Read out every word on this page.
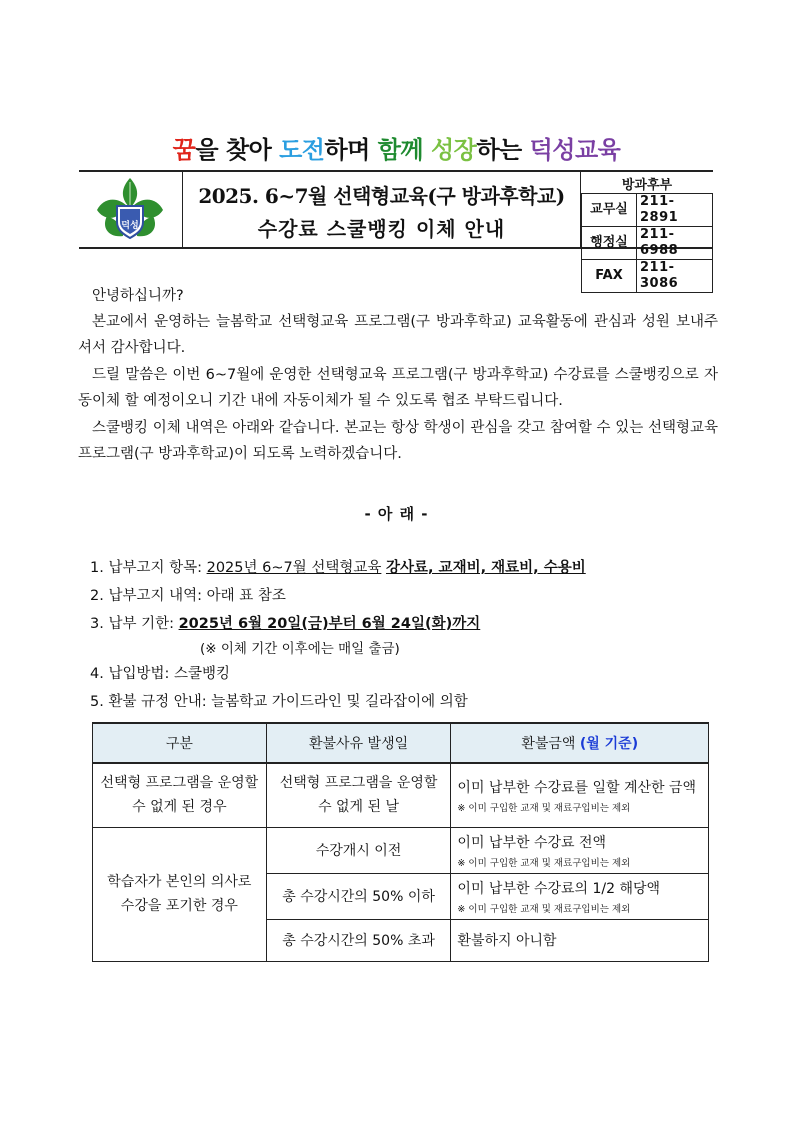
꿈을 찾아 도전하며 함께 성장하는 덕성교육
덕성
2025. 6~7월 선택형교육(구 방과후학교)
수강료 스쿨뱅킹 이체 안내
방과후부
교무실	211-2891
행정실	211-6988
FAX	211-3086
안녕하십니까?
본교에서 운영하는 늘봄학교 선택형교육 프로그램(구 방과후학교) 교육활동에 관심과 성원 보내주셔서 감사합니다.
드릴 말씀은 이번 6~7월에 운영한 선택형교육 프로그램(구 방과후학교) 수강료를 스쿨뱅킹으로 자동이체 할 예정이오니 기간 내에 자동이체가 될 수 있도록 협조 부탁드립니다.
스쿨뱅킹 이체 내역은 아래와 같습니다. 본교는 항상 학생이 관심을 갖고 참여할 수 있는 선택형교육 프로그램(구 방과후학교)이 되도록 노력하겠습니다.
- 아 래 -
1. 납부고지 항목: 2025년 6~7월 선택형교육 강사료, 교재비, 재료비, 수용비
2. 납부고지 내역: 아래 표 참조
3. 납부 기한: 2025년 6월 20일(금)부터 6월 24일(화)까지
(※ 이체 기간 이후에는 매일 출금)
4. 납입방법: 스쿨뱅킹
5. 환불 규정 안내: 늘봄학교 가이드라인 및 길라잡이에 의함
구분	환불사유 발생일	환불금액 (월 기준)
선택형 프로그램을 운영할 수 없게 된 경우	선택형 프로그램을 운영할 수 없게 된 날	이미 납부한 수강료를 일할 계산한 금액
※ 이미 구입한 교재 및 재료구입비는 제외

학습자가 본인의 의사로 수강을 포기한 경우	수강개시 이전	이미 납부한 수강료 전액
※ 이미 구입한 교재 및 재료구입비는 제외

	총 수강시간의 50% 이하	이미 납부한 수강료의 1/2 해당액
※ 이미 구입한 교재 및 재료구입비는 제외

	총 수강시간의 50% 초과	환불하지 아니함
